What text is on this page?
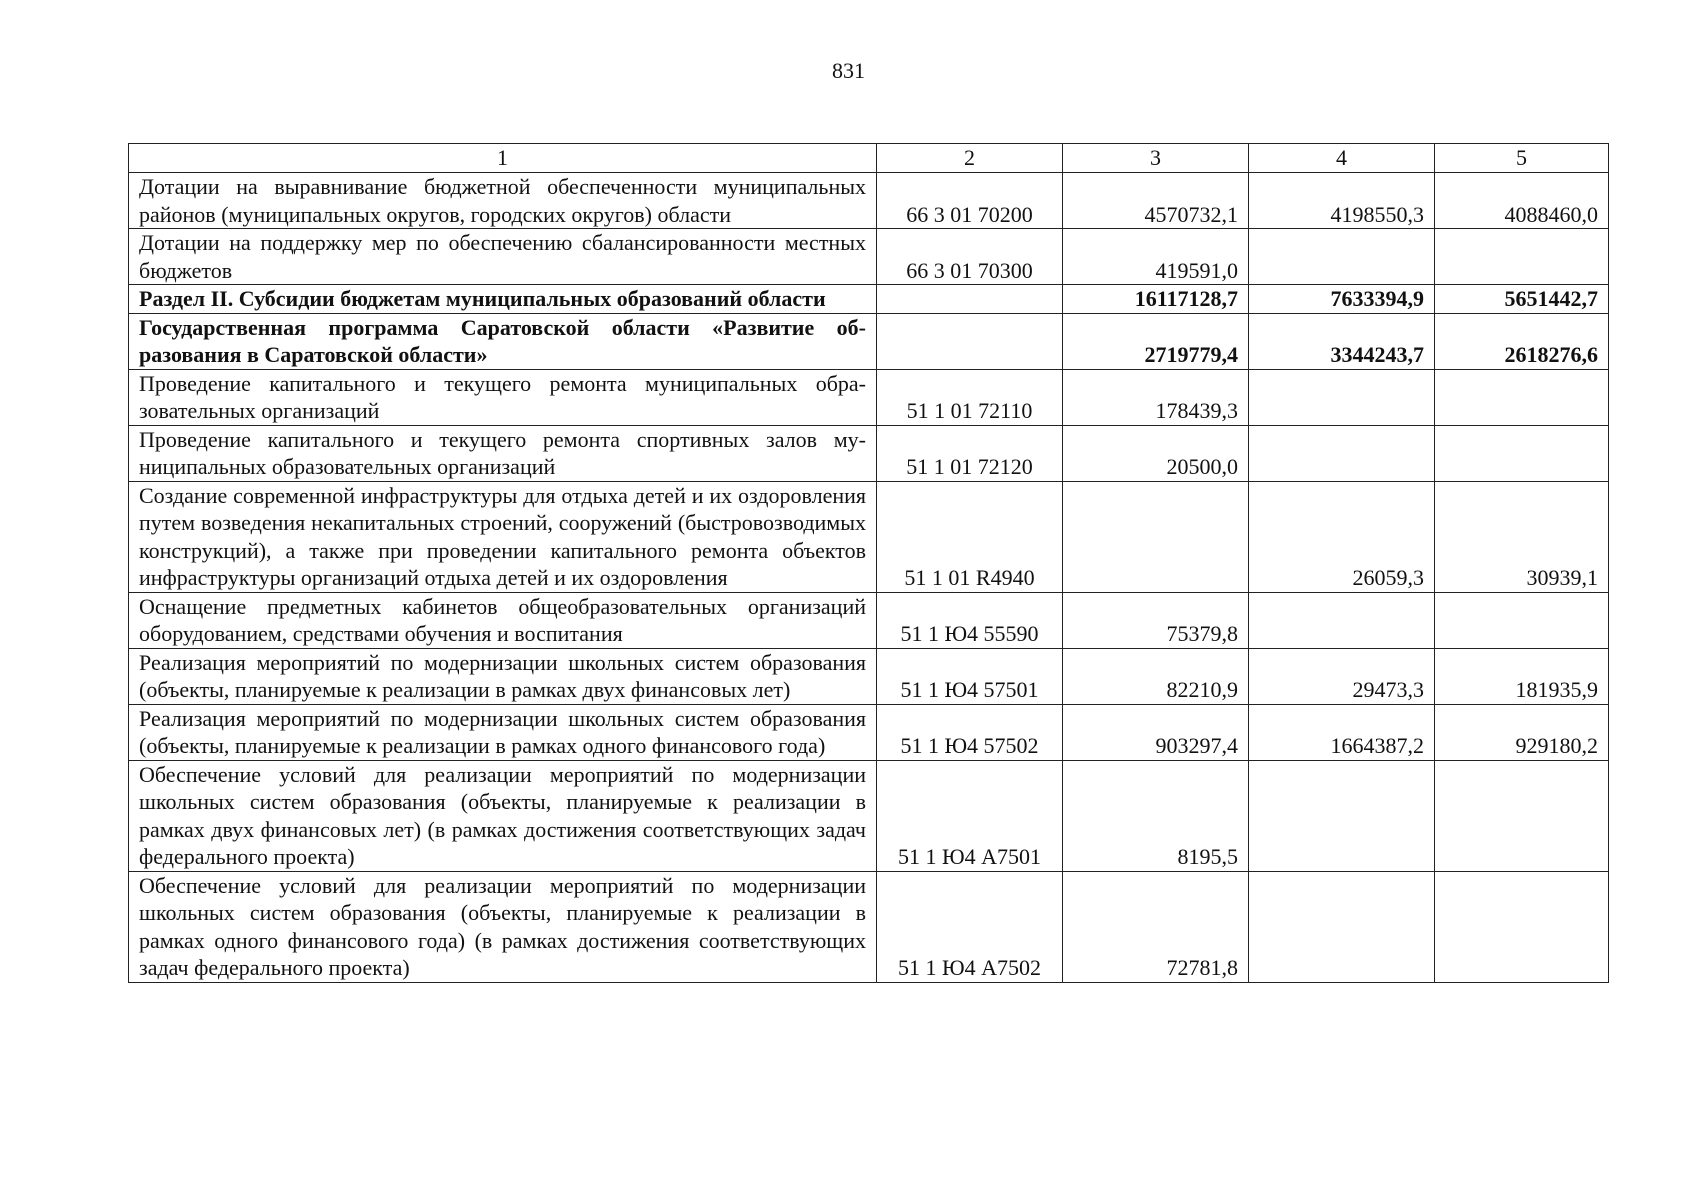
831
1	2	3	4	5
Дотации на выравнивание бюджетной обеспеченности муниципальных районов (муниципальных округов, городских округов) области	66 3 01 70200	4570732,1	4198550,3	4088460,0
Дотации на поддержку мер по обеспечению сбалансированности местных бюджетов	66 3 01 70300	419591,0		
Раздел II. Субсидии бюджетам муниципальных образований области		16117128,7	7633394,9	5651442,7
Государственная программа Саратовской области «Развитие образования в Саратовской области»		2719779,4	3344243,7	2618276,6
Проведение капитального и текущего ремонта муниципальных образовательных организаций	51 1 01 72110	178439,3		
Проведение капитального и текущего ремонта спортивных залов муниципальных образовательных организаций	51 1 01 72120	20500,0		
Создание современной инфраструктуры для отдыха детей и их оздоровления путем возведения некапитальных строений, сооружений (быстровозводимых конструкций), а также при проведении капитального ремонта объектов инфраструктуры организаций отдыха детей и их оздоровления	51 1 01 R4940		26059,3	30939,1
Оснащение предметных кабинетов общеобразовательных организаций оборудованием, средствами обучения и воспитания	51 1 Ю4 55590	75379,8		
Реализация мероприятий по модернизации школьных систем образования (объекты, планируемые к реализации в рамках двух финансовых лет)	51 1 Ю4 57501	82210,9	29473,3	181935,9
Реализация мероприятий по модернизации школьных систем образования (объекты, планируемые к реализации в рамках одного финансового года)	51 1 Ю4 57502	903297,4	1664387,2	929180,2
Обеспечение условий для реализации мероприятий по модернизации школьных систем образования (объекты, планируемые к реализации в рамках двух финансовых лет) (в рамках достижения соответствующих задач федерального проекта)	51 1 Ю4 A7501	8195,5		
Обеспечение условий для реализации мероприятий по модернизации школьных систем образования (объекты, планируемые к реализации в рамках одного финансового года) (в рамках достижения соответствующих задач федерального проекта)	51 1 Ю4 A7502	72781,8		
